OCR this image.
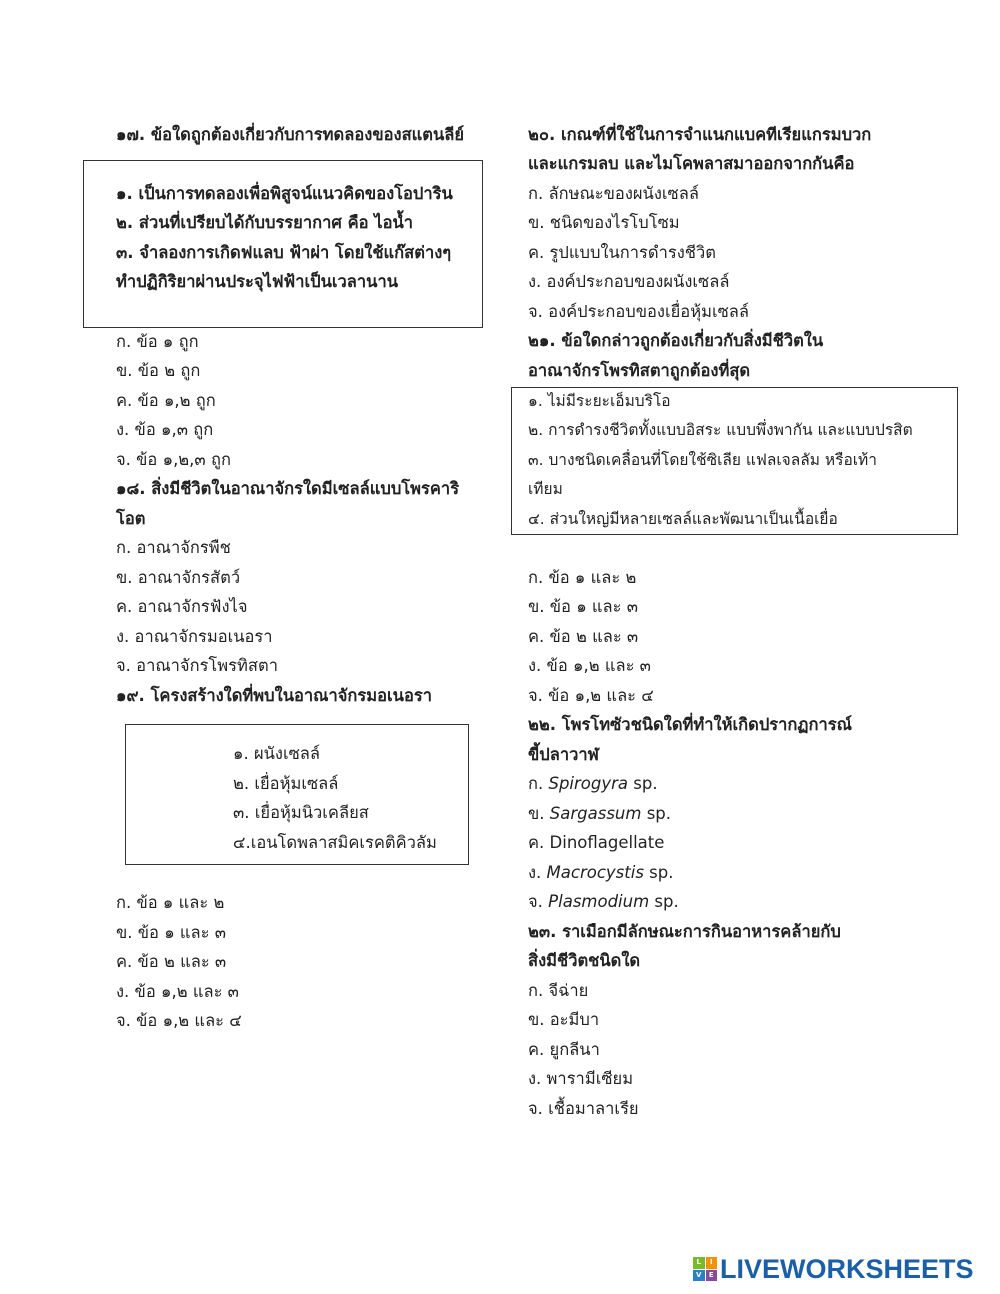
๑๗. ข้อใดถูกต้องเกี่ยวกับการทดลองของสแตนลีย์
๑. เป็นการทดลองเพื่อพิสูจน์แนวคิดของโอปาริน
๒. ส่วนที่เปรียบได้กับบรรยากาศ คือ ไอน้ำ
๓. จำลองการเกิดฟแลบ ฟ้าผ่า โดยใช้แก๊สต่างๆ
ทำปฏิกิริยาผ่านประจุไฟฟ้าเป็นเวลานาน
ก. ข้อ ๑ ถูก
ข. ข้อ ๒ ถูก
ค. ข้อ ๑,๒ ถูก
ง. ข้อ ๑,๓ ถูก
จ. ข้อ ๑,๒,๓ ถูก
๑๘. สิ่งมีชีวิตในอาณาจักรใดมีเซลล์แบบโพรคาริ
โอต
ก. อาณาจักรพืช
ข. อาณาจักรสัตว์
ค. อาณาจักรฟังไจ
ง. อาณาจักรมอเนอรา
จ. อาณาจักรโพรทิสตา
๑๙. โครงสร้างใดที่พบในอาณาจักรมอเนอรา
๑. ผนังเซลล์
๒. เยื่อหุ้มเซลล์
๓. เยื่อหุ้มนิวเคลียส
๔.เอนโดพลาสมิคเรคติคิวลัม
ก. ข้อ ๑ และ ๒
ข. ข้อ ๑ และ ๓
ค. ข้อ ๒ และ ๓
ง. ข้อ ๑,๒ และ ๓
จ. ข้อ ๑,๒ และ ๔
๒๐. เกณฑ์ที่ใช้ในการจำแนกแบคทีเรียแกรมบวก
และแกรมลบ และไมโคพลาสมาออกจากกันคือ
ก. ลักษณะของผนังเซลล์
ข. ชนิดของไรโบโซม
ค. รูปแบบในการดำรงชีวิต
ง. องค์ประกอบของผนังเซลล์
จ. องค์ประกอบของเยื่อหุ้มเซลล์
๒๑. ข้อใดกล่าวถูกต้องเกี่ยวกับสิ่งมีชีวิตใน
อาณาจักรโพรทิสตาถูกต้องที่สุด
๑. ไม่มีระยะเอ็มบริโอ
๒. การดำรงชีวิตทั้งแบบอิสระ แบบพึ่งพากัน และแบบปรสิต
๓. บางชนิดเคลื่อนที่โดยใช้ซิเลีย แฟลเจลลัม หรือเท้า
เทียม
๔. ส่วนใหญ่มีหลายเซลล์และพัฒนาเป็นเนื้อเยื่อ
ก. ข้อ ๑ และ ๒
ข. ข้อ ๑ และ ๓
ค. ข้อ ๒ และ ๓
ง. ข้อ ๑,๒ และ ๓
จ. ข้อ ๑,๒ และ ๔
๒๒. โพรโทซัวชนิดใดที่ทำให้เกิดปรากฏการณ์
ขี้ปลาวาฬ
ก. Spirogyra sp.
ข. Sargassum sp.
ค. Dinoflagellate
ง. Macrocystis sp.
จ. Plasmodium sp.
๒๓. ราเมือกมีลักษณะการกินอาหารคล้ายกับ
สิ่งมีชีวิตชนิดใด
ก. จีฉ่าย
ข. อะมีบา
ค. ยูกลีนา
ง. พารามีเซียม
จ. เชื้อมาลาเรีย
L	I
V	E LIVEWORKSHEETS
